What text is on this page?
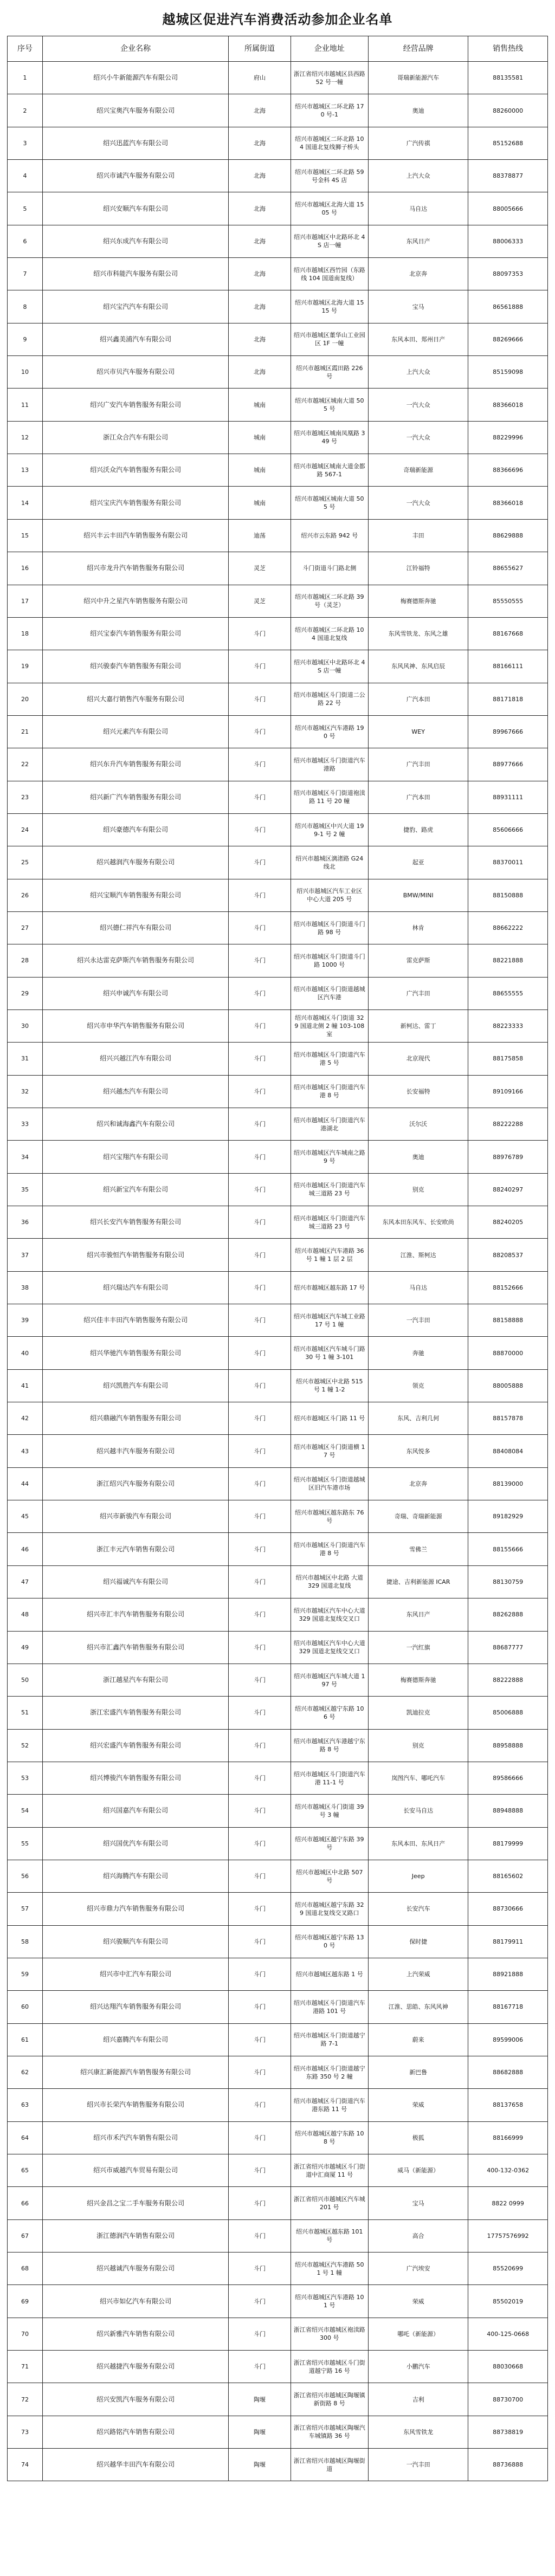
越城区促进汽车消费活动参加企业名单
序号	企业名称	所属街道	企业地址	经营品牌	销售热线
1	绍兴小牛新能源汽车有限公司	府山	浙江省绍兴市越城区县西路 52 号一幢	哥瑞新能源汽车	88135581
2	绍兴宝奥汽车服务有限公司	北海	绍兴市越城区二环北路 170 号-1	奥迪	88260000
3	绍兴迅蓝汽车有限公司	北海	绍兴市越城区二环北路 104 国道北复线狮子桥头	广汽传祺	85152688
4	绍兴市诚汽车服务有限公司	北海	绍兴市越城区二环北路 59 号金科 4S 店	上汽大众	88378877
5	绍兴安顺汽车有限公司	北海	绍兴市越城区北海大道 1505 号	马自达	88005666
6	绍兴东成汽车有限公司	北海	绍兴市越城区中北路环北 4S 店一幢	东风日产	88006333
7	绍兴市科能汽车服务有限公司	北海	绍兴市越城区西竹园（东路线 104 国道南复线）	北京奔	88097353
8	绍兴宝汽汽车有限公司	北海	绍兴市越城区北海大道 1515 号	宝马	86561888
9	绍兴鑫美浦汽车有限公司	北海	绍兴市越城区董华山工业园区 1F 一幢	东风本田、郑州日产	88269666
10	绍兴市贝汽车服务有限公司	北海	绍兴市越城区霞田路 226 号	上汽大众	85159098
11	绍兴广安汽车销售服务有限公司	城南	绍兴市越城区城南大道 505 号	一汽大众	88366018
12	浙江众合汽车有限公司	城南	绍兴市越城区城南凤凰路 349 号	一汽大众	88229996
13	绍兴沃众汽车销售服务有限公司	城南	绍兴市越城区城南大道金都路 567-1	奇瑞新能源	88366696
14	绍兴宝庆汽车销售服务有限公司	城南	绍兴市越城区城南大道 505 号	一汽大众	88366018
15	绍兴丰云丰田汽车销售服务有限公司	迪荡	绍兴市云东路 942 号	丰田	88629888
16	绍兴市龙升汽车销售服务有限公司	灵芝	斗门街道斗门路北侧	江铃福特	88655627
17	绍兴中升之星汽车销售服务有限公司	灵芝	绍兴市越城区二环北路 39 号（灵芝）	梅赛德斯奔驰	85550555
18	绍兴宝泰汽车销售服务有限公司	斗门	绍兴市越城区二环北路 104 国道北复线	东风雪铁龙、东风之雄	88167668
19	绍兴骏泰汽车销售服务有限公司	斗门	绍兴市越城区中北路环北 4S 店一幢	东风风神、东风启辰	88166111
20	绍兴大嘉行销售汽车服务有限公司	斗门	绍兴市越城区斗门街道二公路 22 号	广汽本田	88171818
21	绍兴元素汽车有限公司	斗门	绍兴市越城区汽车港路 190 号	WEY	89967666
22	绍兴东升汽车销售服务有限公司	斗门	绍兴市越城区斗门街道汽车港路	广汽丰田	88977666
23	绍兴新广汽车销售服务有限公司	斗门	绍兴市越城区斗门街道袍渎路 11 号 20 幢	广汽本田	88931111
24	绍兴豪德汽车有限公司	斗门	绍兴市越城区中兴大道 199-1 号 2 幢	捷豹、路虎	85606666
25	绍兴越润汽车服务有限公司	斗门	绍兴市越城区漓渚路 G24 线北	起亚	88370011
26	绍兴宝顺汽车销售服务有限公司	斗门	绍兴市越城区汽车工业区 中心大道 205 号	BMW/MINI	88150888
27	绍兴德仁祥汽车有限公司	斗门	绍兴市越城区斗门街道斗门路 98 号	林肯	88662222
28	绍兴永达雷克萨斯汽车销售服务有限公司	斗门	绍兴市越城区斗门街道斗门路 1000 号	雷克萨斯	88221888
29	绍兴申诚汽车有限公司	斗门	绍兴市越城区斗门街道越城区汽车港	广汽丰田	88655555
30	绍兴市申华汽车销售服务有限公司	斗门	绍兴市越城区斗门街道 329 国道北侧 2 幢 103-108 室	新柯达、雷丁	88223333
31	绍兴兴越江汽车有限公司	斗门	绍兴市越城区斗门街道汽车港 5 号	北京现代	88175858
32	绍兴越杰汽车有限公司	斗门	绍兴市越城区斗门街道汽车港 8 号	长安福特	89109166
33	绍兴和诚海鑫汽车有限公司	斗门	绍兴市越城区斗门街道汽车港湖北	沃尔沃	88222288
34	绍兴宝翔汽车有限公司	斗门	绍兴市越城区汽车城南之路 9 号	奥迪	88976789
35	绍兴新宝汽车有限公司	斗门	绍兴市越城区斗门街道汽车城三道路 23 号	别克	88240297
36	绍兴长安汽车销售服务有限公司	斗门	绍兴市越城区斗门街道汽车城三道路 23 号	东风本田东风车、长安欧尚	88240205
37	绍兴市骏恒汽车销售服务有限公司	斗门	绍兴市越城区汽车港路 36 号 1 幢 1 层 2 层	江淮、斯柯达	88208537
38	绍兴瑞达汽车有限公司	斗门	绍兴市越城区越东路 17 号	马自达	88152666
39	绍兴佳丰丰田汽车销售服务有限公司	斗门	绍兴市越城区汽车城工业路 17 号 1 幢	一汽丰田	88158888
40	绍兴华驰汽车销售服务有限公司	斗门	绍兴市越城区汽车城斗门路 30 号 1 幢 3-101	奔驰	88870000
41	绍兴凯胜汽车有限公司	斗门	绍兴市越城区中北路 515 号 1 幢 1-2	领克	88005888
42	绍兴鼎融汽车销售服务有限公司	斗门	绍兴市越城区斗门路 11 号	东风、吉利几何	88157878
43	绍兴越丰汽车服务有限公司	斗门	绍兴市越城区斗门街道横 17 号	东风悦多	88408084
44	浙江绍兴汽车服务有限公司	斗门	绍兴市越城区斗门街道越城区旧汽车港市场	北京奔	88139000
45	绍兴市新骏汽车有限公司	斗门	绍兴市越城区越东路东 76 号	奇瑞、奇瑞新能源	89182929
46	浙江丰元汽车销售有限公司	斗门	绍兴市越城区斗门街道汽车港 8 号	雪佛兰	88155666
47	绍兴福诚汽车有限公司	斗门	绍兴市越城区中北路 大道 329 国道北复线	捷途、吉利新能源 ICAR	88130759
48	绍兴市汇丰汽车销售服务有限公司	斗门	绍兴市越城区汽车中心大道 329 国道北复线交叉口	东风日产	88262888
49	绍兴市汇鑫汽车销售服务有限公司	斗门	绍兴市越城区汽车中心大道 329 国道北复线交叉口	一汽红旗	88687777
50	浙江越星汽车有限公司	斗门	绍兴市越城区汽车城大道 197 号	梅赛德斯奔驰	88222888
51	浙江宏盛汽车销售服务有限公司	斗门	绍兴市越城区越宁东路 106 号	凯迪拉克	85006888
52	绍兴宏盛汽车销售服务有限公司	斗门	绍兴市越城区汽车港越宁东路 8 号	别克	88958888
53	绍兴博骏汽车销售服务有限公司	斗门	绍兴市越城区斗门街道汽车港 11-1 号	岚图汽车、哪吒汽车	89586666
54	绍兴国嘉汽车有限公司	斗门	绍兴市越城区斗门街道 39 号 3 幢	长安马自达	88948888
55	绍兴国优汽车有限公司	斗门	绍兴市越城区越宁东路 39 号	东风本田、东风日产	88179999
56	绍兴海腾汽车有限公司	斗门	绍兴市越城区中北路 507 号	Jeep	88165602
57	绍兴市鼎力汽车销售服务有限公司	斗门	绍兴市越城区越宁东路 329 国道北复线交叉路口	长安汽车	88730666
58	绍兴骏顺汽车有限公司	斗门	绍兴市越城区越宁东路 130 号	保时捷	88179911
59	绍兴市中汇汽车有限公司	斗门	绍兴市越城区越东路 1 号	上汽荣威	88921888
60	绍兴达翔汽车销售服务有限公司	斗门	绍兴市越城区斗门街道汽车港路 101 号	江淮、思皓、东风风神	88167718
61	绍兴嘉腾汽车有限公司	斗门	绍兴市越城区斗门街道越宁路 7-1	蔚来	89599006
62	绍兴康汇新能源汽车销售服务有限公司	斗门	绍兴市越城区斗门街道越宁东路 350 号 2 幢	新巴鲁	88682888
63	绍兴市长荣汽车销售服务有限公司	斗门	绍兴市越城区斗门街道汽车港东路 11 号	荣威	88137658
64	绍兴市禾汽汽车销售有限公司	斗门	绍兴市越城区越宁东路 108 号	极狐	88166999
65	绍兴市威越汽车贸易有限公司	斗门	浙江省绍兴市越城区斗门街道中汇商厦 11 号	威马（新能源）	400-132-0362
66	绍兴金昌之宝二手车服务有限公司	斗门	浙江省绍兴市越城区汽车城 201 号	宝马	8822 0999
67	浙江德润汽车销售有限公司	斗门	绍兴市越城区越东路 101 号	高合	17757576992
68	绍兴越诚汽车服务有限公司	斗门	绍兴市越城区汽车港路 501 号 1 幢	广汽埃安	85520699
69	绍兴市如亿汽车有限公司	斗门	绍兴市越城区汽车港路 101 号	荣威	85502019
70	绍兴新雅汽车销售有限公司	斗门	浙江省绍兴市越城区袍渎路 300 号	哪吒（新能源）	400-125-0668
71	绍兴越捷汽车服务有限公司	斗门	浙江省绍兴市越城区斗门街道越宁路 16 号	小鹏汽车	88030668
72	绍兴安凯汽车服务有限公司	陶堰	浙江省绍兴市越城区陶堰镇新街路 8 号	吉利	88730700
73	绍兴路铭汽车销售有限公司	陶堰	浙江省绍兴市越城区陶堰汽车城镇路 36 号	东风雪铁龙	88738819
74	绍兴越华丰田汽车有限公司	陶堰	浙江省绍兴市越城区陶堰街道	一汽丰田	88736888
